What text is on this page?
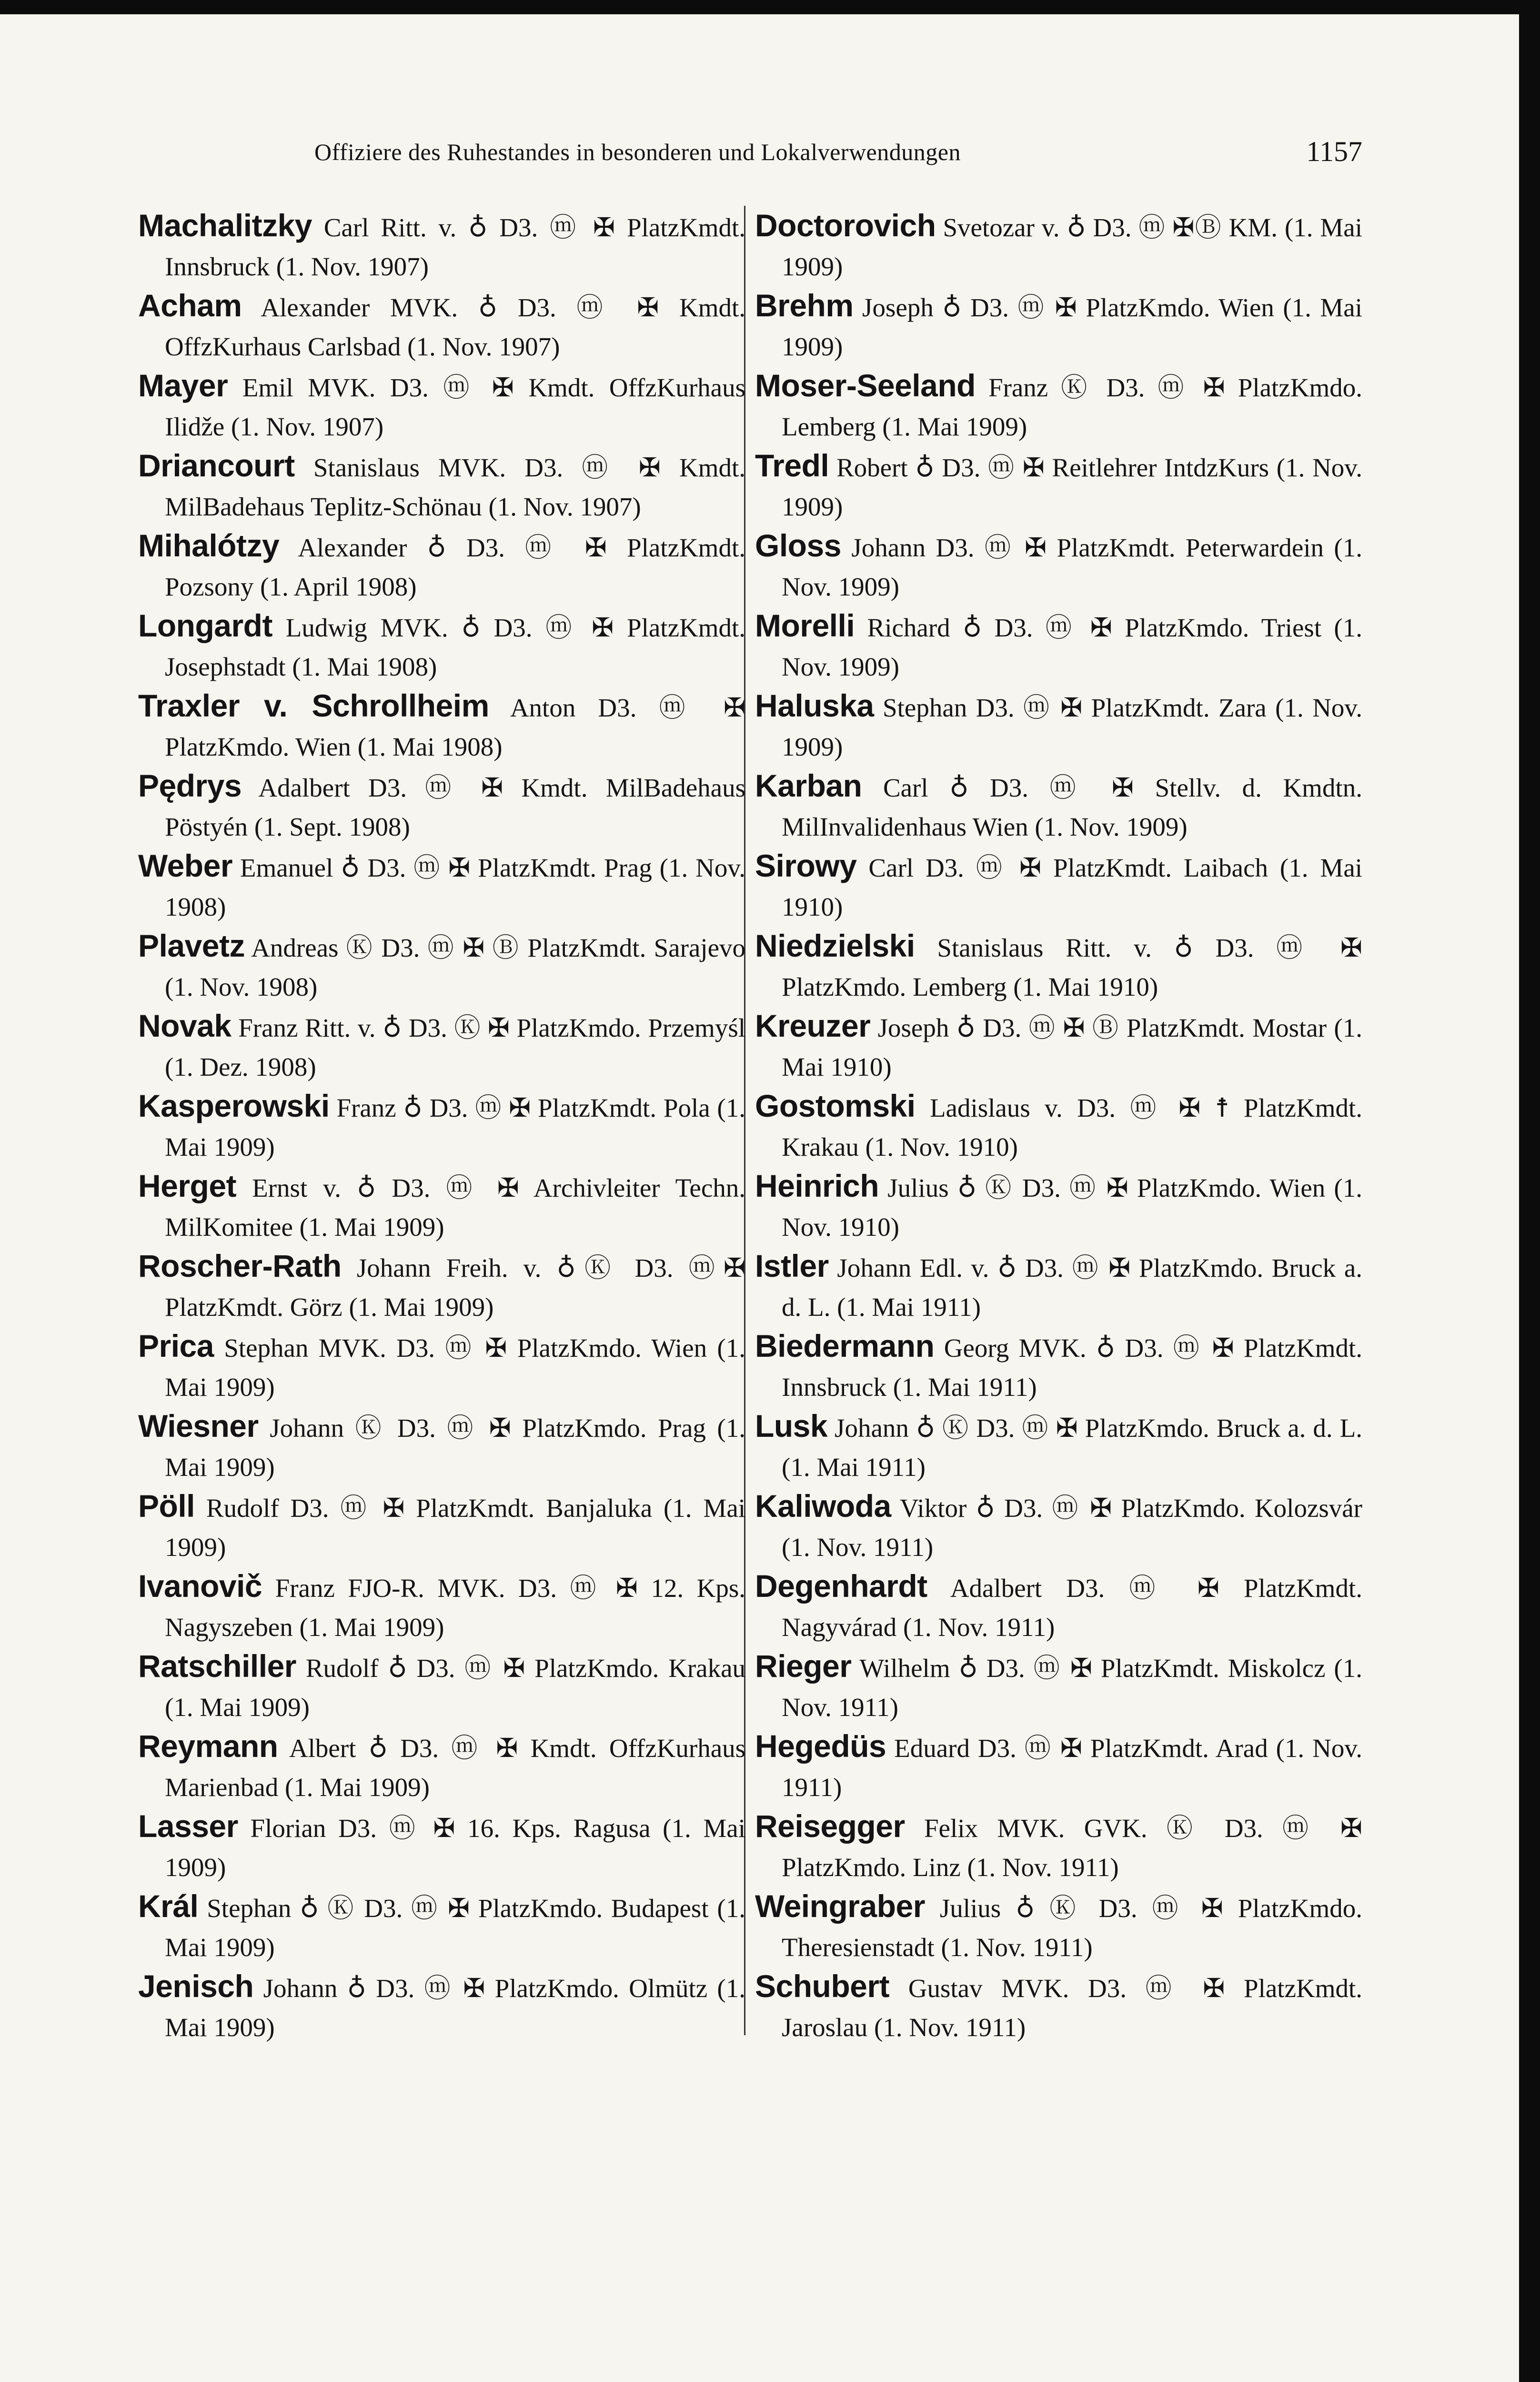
Offiziere des Ruhestandes in besonderen und Lokalverwendungen	1157

Machalitzky Carl Ritt. v. ♁ D3. ⓜ ✠ PlatzKmdt. Innsbruck (1. Nov. 1907)

Acham Alexander MVK. ♁ D3. ⓜ ✠ Kmdt. OffzKurhaus Carlsbad (1. Nov. 1907)

Mayer Emil MVK. D3. ⓜ ✠ Kmdt. OffzKurhaus Ilidže (1. Nov. 1907)

Driancourt Stanislaus MVK. D3. ⓜ ✠ Kmdt. MilBadehaus Teplitz-Schönau (1. Nov. 1907)

Mihalótzy Alexander ♁ D3. ⓜ ✠ PlatzKmdt. Pozsony (1. April 1908)

Longardt Ludwig MVK. ♁ D3. ⓜ ✠ PlatzKmdt. Josephstadt (1. Mai 1908)

Traxler v. Schrollheim Anton D3. ⓜ ✠ PlatzKmdo. Wien (1. Mai 1908)

Pędrys Adalbert D3. ⓜ ✠ Kmdt. MilBadehaus Pöstyén (1. Sept. 1908)

Weber Emanuel ♁ D3. ⓜ ✠ PlatzKmdt. Prag (1. Nov. 1908)

Plavetz Andreas Ⓚ D3. ⓜ ✠ Ⓑ PlatzKmdt. Sarajevo (1. Nov. 1908)

Novak Franz Ritt. v. ♁ D3. Ⓚ ✠ PlatzKmdo. Przemyśl (1. Dez. 1908)

Kasperowski Franz ♁ D3. ⓜ ✠ PlatzKmdt. Pola (1. Mai 1909)

Herget Ernst v. ♁ D3. ⓜ ✠ Archivleiter Techn. MilKomitee (1. Mai 1909)

Roscher-Rath Johann Freih. v. ♁Ⓚ D3. ⓜ✠ PlatzKmdt. Görz (1. Mai 1909)

Prica Stephan MVK. D3. ⓜ ✠ PlatzKmdo. Wien (1. Mai 1909)

Wiesner Johann Ⓚ D3. ⓜ ✠ PlatzKmdo. Prag (1. Mai 1909)

Pöll Rudolf D3. ⓜ ✠ PlatzKmdt. Banjaluka (1. Mai 1909)

Ivanovič Franz FJO-R. MVK. D3. ⓜ ✠ 12. Kps. Nagyszeben (1. Mai 1909)

Ratschiller Rudolf ♁ D3. ⓜ ✠ PlatzKmdo. Krakau (1. Mai 1909)

Reymann Albert ♁ D3. ⓜ ✠ Kmdt. OffzKurhaus Marienbad (1. Mai 1909)

Lasser Florian D3. ⓜ ✠ 16. Kps. Ragusa (1. Mai 1909)

Král Stephan ♁ Ⓚ D3. ⓜ ✠ PlatzKmdo. Budapest (1. Mai 1909)

Jenisch Johann ♁ D3. ⓜ ✠ PlatzKmdo. Olmütz (1. Mai 1909)

Doctorovich Svetozar v. ♁ D3. ⓜ ✠Ⓑ KM. (1. Mai 1909)

Brehm Joseph ♁ D3. ⓜ ✠ PlatzKmdo. Wien (1. Mai 1909)

Moser-Seeland Franz Ⓚ D3. ⓜ ✠ PlatzKmdo. Lemberg (1. Mai 1909)

Tredl Robert ♁ D3. ⓜ ✠ Reitlehrer IntdzKurs (1. Nov. 1909)

Gloss Johann D3. ⓜ ✠ PlatzKmdt. Peterwardein (1. Nov. 1909)

Morelli Richard ♁ D3. ⓜ ✠ PlatzKmdo. Triest (1. Nov. 1909)

Haluska Stephan D3. ⓜ ✠ PlatzKmdt. Zara (1. Nov. 1909)

Karban Carl ♁ D3. ⓜ ✠ Stellv. d. Kmdtn. MilInvalidenhaus Wien (1. Nov. 1909)

Sirowy Carl D3. ⓜ ✠ PlatzKmdt. Laibach (1. Mai 1910)

Niedzielski Stanislaus Ritt. v. ♁ D3. ⓜ ✠ PlatzKmdo. Lemberg (1. Mai 1910)

Kreuzer Joseph ♁ D3. ⓜ ✠ Ⓑ PlatzKmdt. Mostar (1. Mai 1910)

Gostomski Ladislaus v. D3. ⓜ ✠ ☨ PlatzKmdt. Krakau (1. Nov. 1910)

Heinrich Julius ♁ Ⓚ D3. ⓜ ✠ PlatzKmdo. Wien (1. Nov. 1910)

Istler Johann Edl. v. ♁ D3. ⓜ ✠ PlatzKmdo. Bruck a. d. L. (1. Mai 1911)

Biedermann Georg MVK. ♁ D3. ⓜ ✠ PlatzKmdt. Innsbruck (1. Mai 1911)

Lusk Johann ♁ Ⓚ D3. ⓜ ✠ PlatzKmdo. Bruck a. d. L. (1. Mai 1911)

Kaliwoda Viktor ♁ D3. ⓜ ✠ PlatzKmdo. Kolozsvár (1. Nov. 1911)

Degenhardt Adalbert D3. ⓜ ✠ PlatzKmdt. Nagyvárad (1. Nov. 1911)

Rieger Wilhelm ♁ D3. ⓜ ✠ PlatzKmdt. Miskolcz (1. Nov. 1911)

Hegedüs Eduard D3. ⓜ ✠ PlatzKmdt. Arad (1. Nov. 1911)

Reisegger Felix MVK. GVK. Ⓚ D3. ⓜ ✠ PlatzKmdo. Linz (1. Nov. 1911)

Weingraber Julius ♁ Ⓚ D3. ⓜ ✠ PlatzKmdo. Theresienstadt (1. Nov. 1911)

Schubert Gustav MVK. D3. ⓜ ✠ PlatzKmdt. Jaroslau (1. Nov. 1911)
